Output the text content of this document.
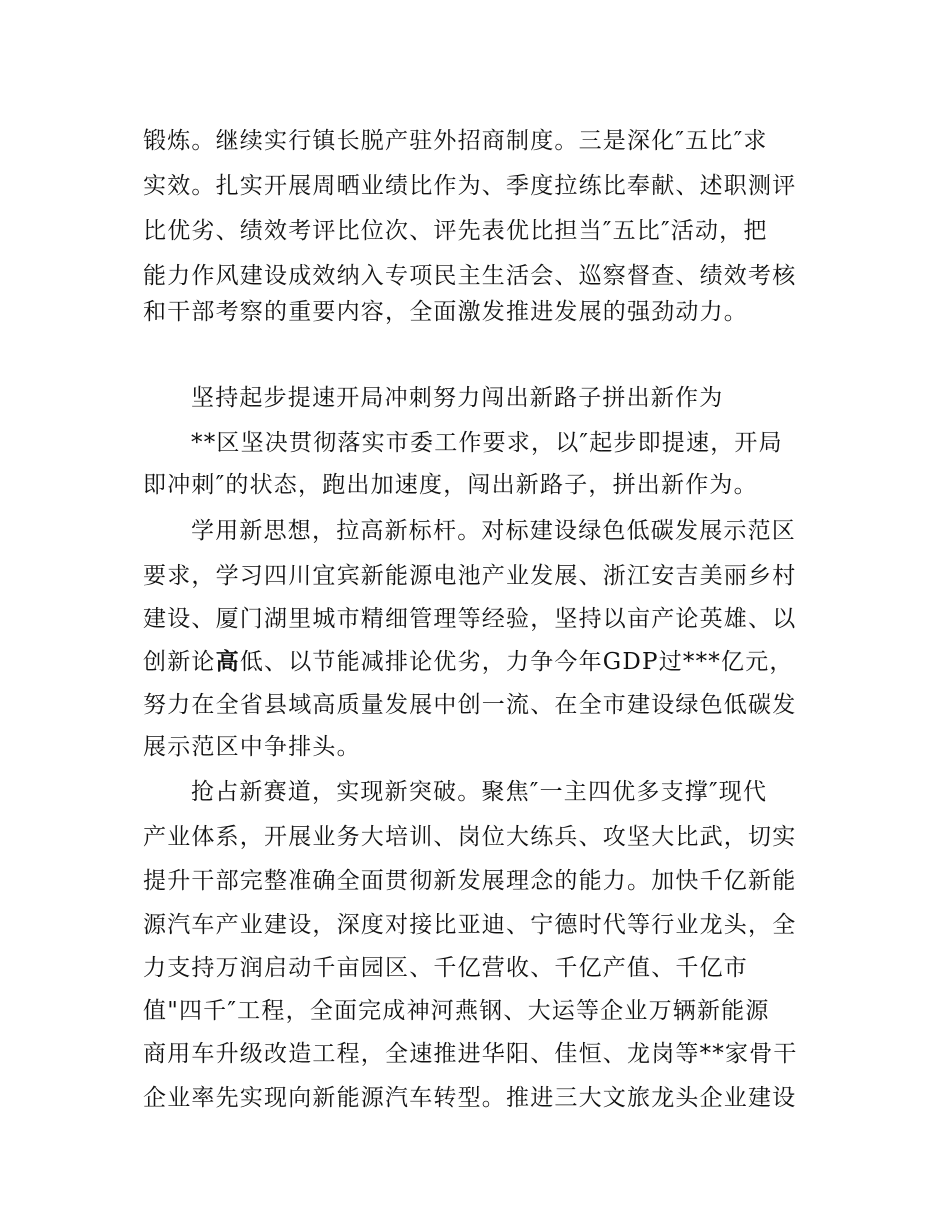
锻炼。继续实行镇长脱产驻外招商制度。三是深化″五比″求
实效。扎实开展周晒业绩比作为、季度拉练比奉献、述职测评
比优劣、绩效考评比位次、评先表优比担当″五比″活动，把
能力作风建设成效纳入专项民主生活会、巡察督查、绩效考核
和干部考察的重要内容，全面激发推进发展的强劲动力。
坚持起步提速开局冲刺努力闯出新路子拼出新作为
**区坚决贯彻落实市委工作要求，以″起步即提速，开局
即冲刺″的状态，跑出加速度，闯出新路子，拼出新作为。
学用新思想，拉高新标杆。对标建设绿色低碳发展示范区
要求，学习四川宜宾新能源电池产业发展、浙江安吉美丽乡村
建设、厦门湖里城市精细管理等经验，坚持以亩产论英雄、以
创新论高低、以节能减排论优劣，力争今年GDP过***亿元，
努力在全省县域高质量发展中创一流、在全市建设绿色低碳发
展示范区中争排头。
抢占新赛道，实现新突破。聚焦″一主四优多支撑″现代
产业体系，开展业务大培训、岗位大练兵、攻坚大比武，切实
提升干部完整准确全面贯彻新发展理念的能力。加快千亿新能
源汽车产业建设，深度对接比亚迪、宁德时代等行业龙头，全
力支持万润启动千亩园区、千亿营收、千亿产值、千亿市
值"四千″工程，全面完成神河燕钢、大运等企业万辆新能源
商用车升级改造工程，全速推进华阳、佳恒、龙岗等**家骨干
企业率先实现向新能源汽车转型。推进三大文旅龙头企业建设
